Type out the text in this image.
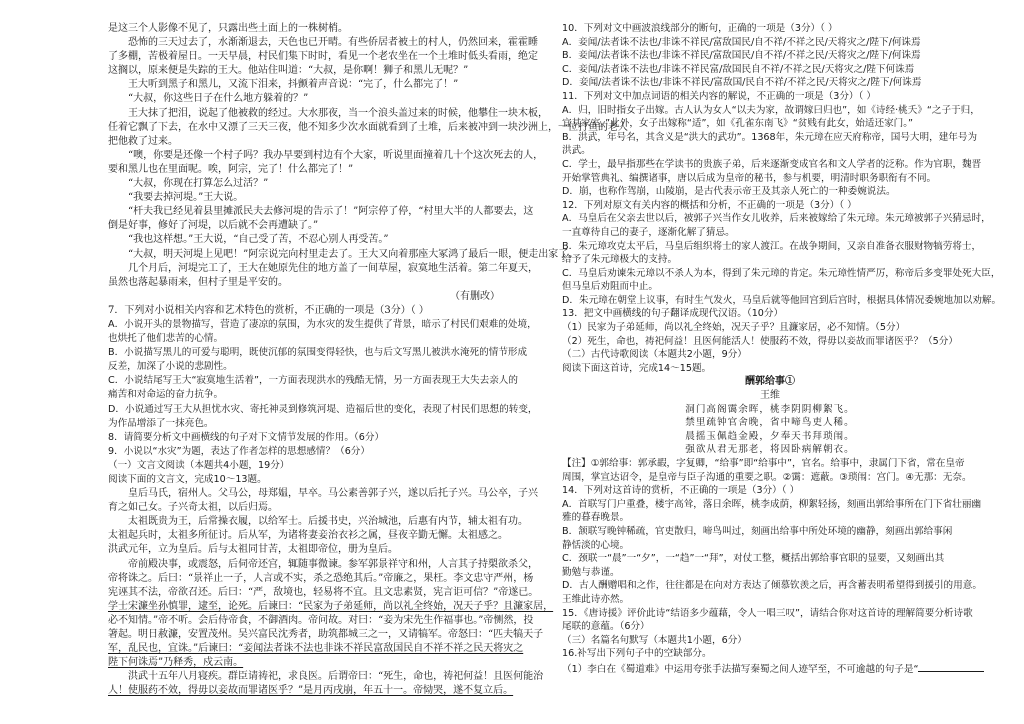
是这三个人影像不见了，只露出些土面上的一株树梢。
恐怖的三天过去了，水渐渐退去，天色也已开晴。有些侨居者被土的村人，仍然回来，霍霍睡
了多棚，苦极着屋日。一天早晨，村民们集下时时，看见一个老农坐在一个土堆时低头看雨，绝定
这搁以，原来便是失踪的王大。他站住叫道：“大叔，是你啊！狮子和黑儿无呢？”
王大听到黑子和黑儿，又流下泪来，抖颤着声音说：“完了，什么都完了！”
“大叔，你这些日子在什么地方躲着的？”
王大抹了把泪，说起了他被救的经过。大水那夜，当一个浪头盖过来的时候，他攀住一块木板，
任着它飘了下去，在水中又漂了三天三夜，他不知多少次水面就看到了土堆，后来被冲到一块沙洲上，一位打鱼的老人
把他救了过来。
“噢，你要是还像一个村子吗？我办早要到村边有个大家，听说里面撞着几十个这次死去的人，
要和黑儿也在里面呢。唉，阿宗，完了！什么都完了！”
“大叔，你现在打算怎么过活？”
“我要去掉河堤。”王大说。
“杆夫我已经见着县里摊派民夫去修河堤的告示了！”阿宗停了停，“村里大半的人都要去，这
倒是好事，修好了河堤，以后就不会再遭缺了。”
“我也这样想。”王大说，“自己受了苦，不忍心别人再受苦。”
“大叔，明天河堤上见吧！”阿宗说完向村里走去了。王大又向着那座大冢鸿了最后一眼，便走出家了。
几个月后，河堤完工了，王大在她原先住的地方盖了一间草屋，寂寞地生活着。第二年夏天，
虽然也落起暴雨来，但村子里是平安的。
（有删改）
7．下列对小说相关内容和艺术特色的赏析，不正确的一项是（3分）（ ）
A．小说开头的景物描写，营造了凄凉的氛围，为水灾的发生提供了背景，暗示了村民们艰难的处境，
也烘托了他们悲苦的心情。
B．小说描写黑儿的可爱与聪明，既使沉郁的氛围变得轻快，也与后文写黑儿被洪水淹死的情节形成
反差，加深了小说的悲剧性。
C．小说结尾写王大“寂寞地生活着”，一方面表现洪水的残酷无情，另一方面表现王大失去亲人的
痛苦和对命运的奋力抗争。
D．小说通过写王大从担忧水灾、寄托神灵到修筑河堤、造福后世的变化，表现了村民们思想的转变，
为作品增添了一抹亮色。
8．请简要分析文中画横线的句子对下文情节发展的作用。（6分）
9．小说以“水灾”为题，表达了作者怎样的思想感情？（6分）
（一）文言文阅读（本题共4小题，19分）
阅读下面的文言文，完成10～13题。
皇后马氏，宿州人。父马公，母郑媪，早卒。马公素善郭子兴，遂以后托子兴。马公卒，子兴
育之如己女。子兴奇太祖，以后归焉。
太祖既贵为王，后常操衣履，以给军士。后援书史，兴治城池，后惠有内节，辅太祖有功。
太祖起兵时，太祖多所征讨。后从军，为诸将妻妾治衣衫之属，昼夜辛勤无懈。太祖感之。
洪武元年，立为皇后。后与太祖同甘苦，太祖即帝位，册为皇后。
帝前殿决事，或震怒，后伺帝还宫，辄随事微谏。参军郭景祥守和州，人言其子持槊欲杀父，
帝将诛之。后曰：“景祥止一子，人言或不实，杀之恐绝其后。”帝廉之，果枉。李文忠守严州，杨
宪诬其不法，帝欲召还。后曰：“严，敌境也，轻易将不宜。且文忠素贤，宪言讵可信？”帝遂已。
学士宋濂坐孙慎罪，逮至，论死。后谏曰：“民家为子弟延师，尚以礼全终始，况天子乎？且濂家居，
必不知情。”帝不听。会后侍帝食，不御酒肉。帝问故。对曰：“妾为宋先生作福事也。”帝恻然，投
箸起。明日赦濂，安置茂州。吴兴富民沈秀者，助筑都城三之一，又请犒军。帝怒曰：“匹夫犒天子
军，乱民也，宜诛。”后谏曰：“妾闻法者诛不法也非诛不祥民富敌国民自不祥不祥之民天将灾之
陛下何诛焉”乃释秀，戍云南。
洪武十五年八月寝疾。群臣请祷祀，求良医。后谓帝曰：“死生，命也，祷祀何益！且医何能治
人！使服药不效，得毋以妾故而罪诸医乎？”是月丙戌崩，年五十一。帝恸哭，遂不复立后。
10．下列对文中画波浪线部分的断句，正确的一项是（3分）（ ）
A．妾闻/法者诛不法也/非诛不祥民/富敌国民/自不祥/不祥之民/天将灾之/陛下/何诛焉
B．妾闻/法者诛不法也/非诛不祥民/富敌国民/自不祥/不祥之民/天将灾之/陛下/何诛焉
C．妾闻/法者诛不法也/非诛不祥民富/敌国民自不祥/不祥之民/天将灾之/陛下何诛焉
D．妾闻/法者诛不法也/非诛不祥民/富敌国/民自不祥/不祥之民/天将灾之/陛下/何诛焉
11．下列对文中加点词语的相关内容的解说，不正确的一项是（3分）（ ）
A．归，旧时指女子出嫁。古人认为女人“以夫为家，故谓嫁曰归也”，如《诗经·桃夭》“之子于归，
宜其家室。”此外，女子出嫁称“适”，如《孔雀东南飞》“贫贱有此女，始适还家门。”
B．洪武，年号名，其含义是“洪大的武功”。1368年，朱元璋在应天府称帝，国号大明，建年号为
洪武。
C．学士，最早指那些在学读书的贵族子弟，后来逐渐变成官名和文人学者的泛称。作为官职，魏晋
开始掌管典礼、编撰诸事，唐以后成为皇帝的秘书，参与机要，明清时职务职衔有不同。
D．崩，也称作驾崩，山陵崩，是古代表示帝王及其亲人死亡的一种委婉说法。
12．下列对原文有关内容的概括和分析，不正确的一项是（3分）（ ）
A．马皇后在父亲去世以后，被郭子兴当作女儿收养，后来被嫁给了朱元璋。朱元璋被郭子兴猜忌时，
一直尊待自己的妻子，逐渐化解了猜忌。
B．朱元璋攻克太平后，马皇后组织将士的家人渡江。在战争期间，又亲自准备衣服财物犒劳将士，
给予了朱元璋极大的支持。
C．马皇后劝谏朱元璋以不杀人为本，得到了朱元璋的肯定。朱元璋性情严厉，称帝后多变罪处死大臣，
但马皇后劝阻而中止。
D．朱元璋在朝堂上议事，有时生气发火，马皇后就等他回宫到后宫时，根据具体情况委婉地加以劝解。
13．把文中画横线的句子翻译成现代汉语。（10分）
（1）民家为子弟延师，尚以礼全终始，况天子乎？且濂家居，必不知情。（5分）
（2）死生，命也，祷祀何益！且医何能活人！使服药不效，得毋以妾故而罪诸医乎？（5分）
（二）古代诗歌阅读（本题共2小题，9分）
阅读下面这首诗，完成14～15题。
酬郭给事①
王维
洞门高阁霭余晖，桃李阴阴柳絮飞。
禁里疏钟官舍晚，省中啼鸟吏人稀。
晨摇玉佩趋金殿，夕奉天书拜琐闱。
强欲从君无那老，将因卧病解朝衣。
【注】①郭给事：郭承嘏，字复卿，“给事”即“给事中”，官名。给事中，隶属门下省，常在皇帝
周围，掌宣达诏令，是皇帝与臣子沟通的重要之职。②霭：遮蔽。③琐闱：宫门。④无那：无奈。
14．下列对这首诗的赏析，不正确的一项是（3分）（ ）
A．首联写门户重叠，楼宇高耸，落日余晖，桃李成荫，柳絮轻扬，刻画出郭给事所在门下省壮丽幽
雅的暮春晚景。
B．颔联写晚钟稀疏，官吏散归，啼鸟叫过，刻画出给事中所处环境的幽静，刻画出郭给事闲
静恬淡的心境。
C．颈联一“晨”一“夕”，一“趋”一“拜”，对仗工整，概括出郭给事官职的显要，又刻画出其
勤勉与恭谨。
D．古人酬赠唱和之作，往往都是在向对方表达了倾慕钦羡之后，再含蓄表明希望得到援引的用意。
王维此诗亦然。
15．《唐诗援》评价此诗“结语多少蕴藉，令人一唱三叹”，请结合你对这首诗的理解简要分析诗歌
尾联的意蕴。（6分）
（三）名篇名句默写（本题共1小题，6分）
16.补写出下列句子中的空缺部分。
（1）李白在《蜀道难》中运用夸张手法描写秦蜀之间人迹罕至，不可逾越的句子是“
